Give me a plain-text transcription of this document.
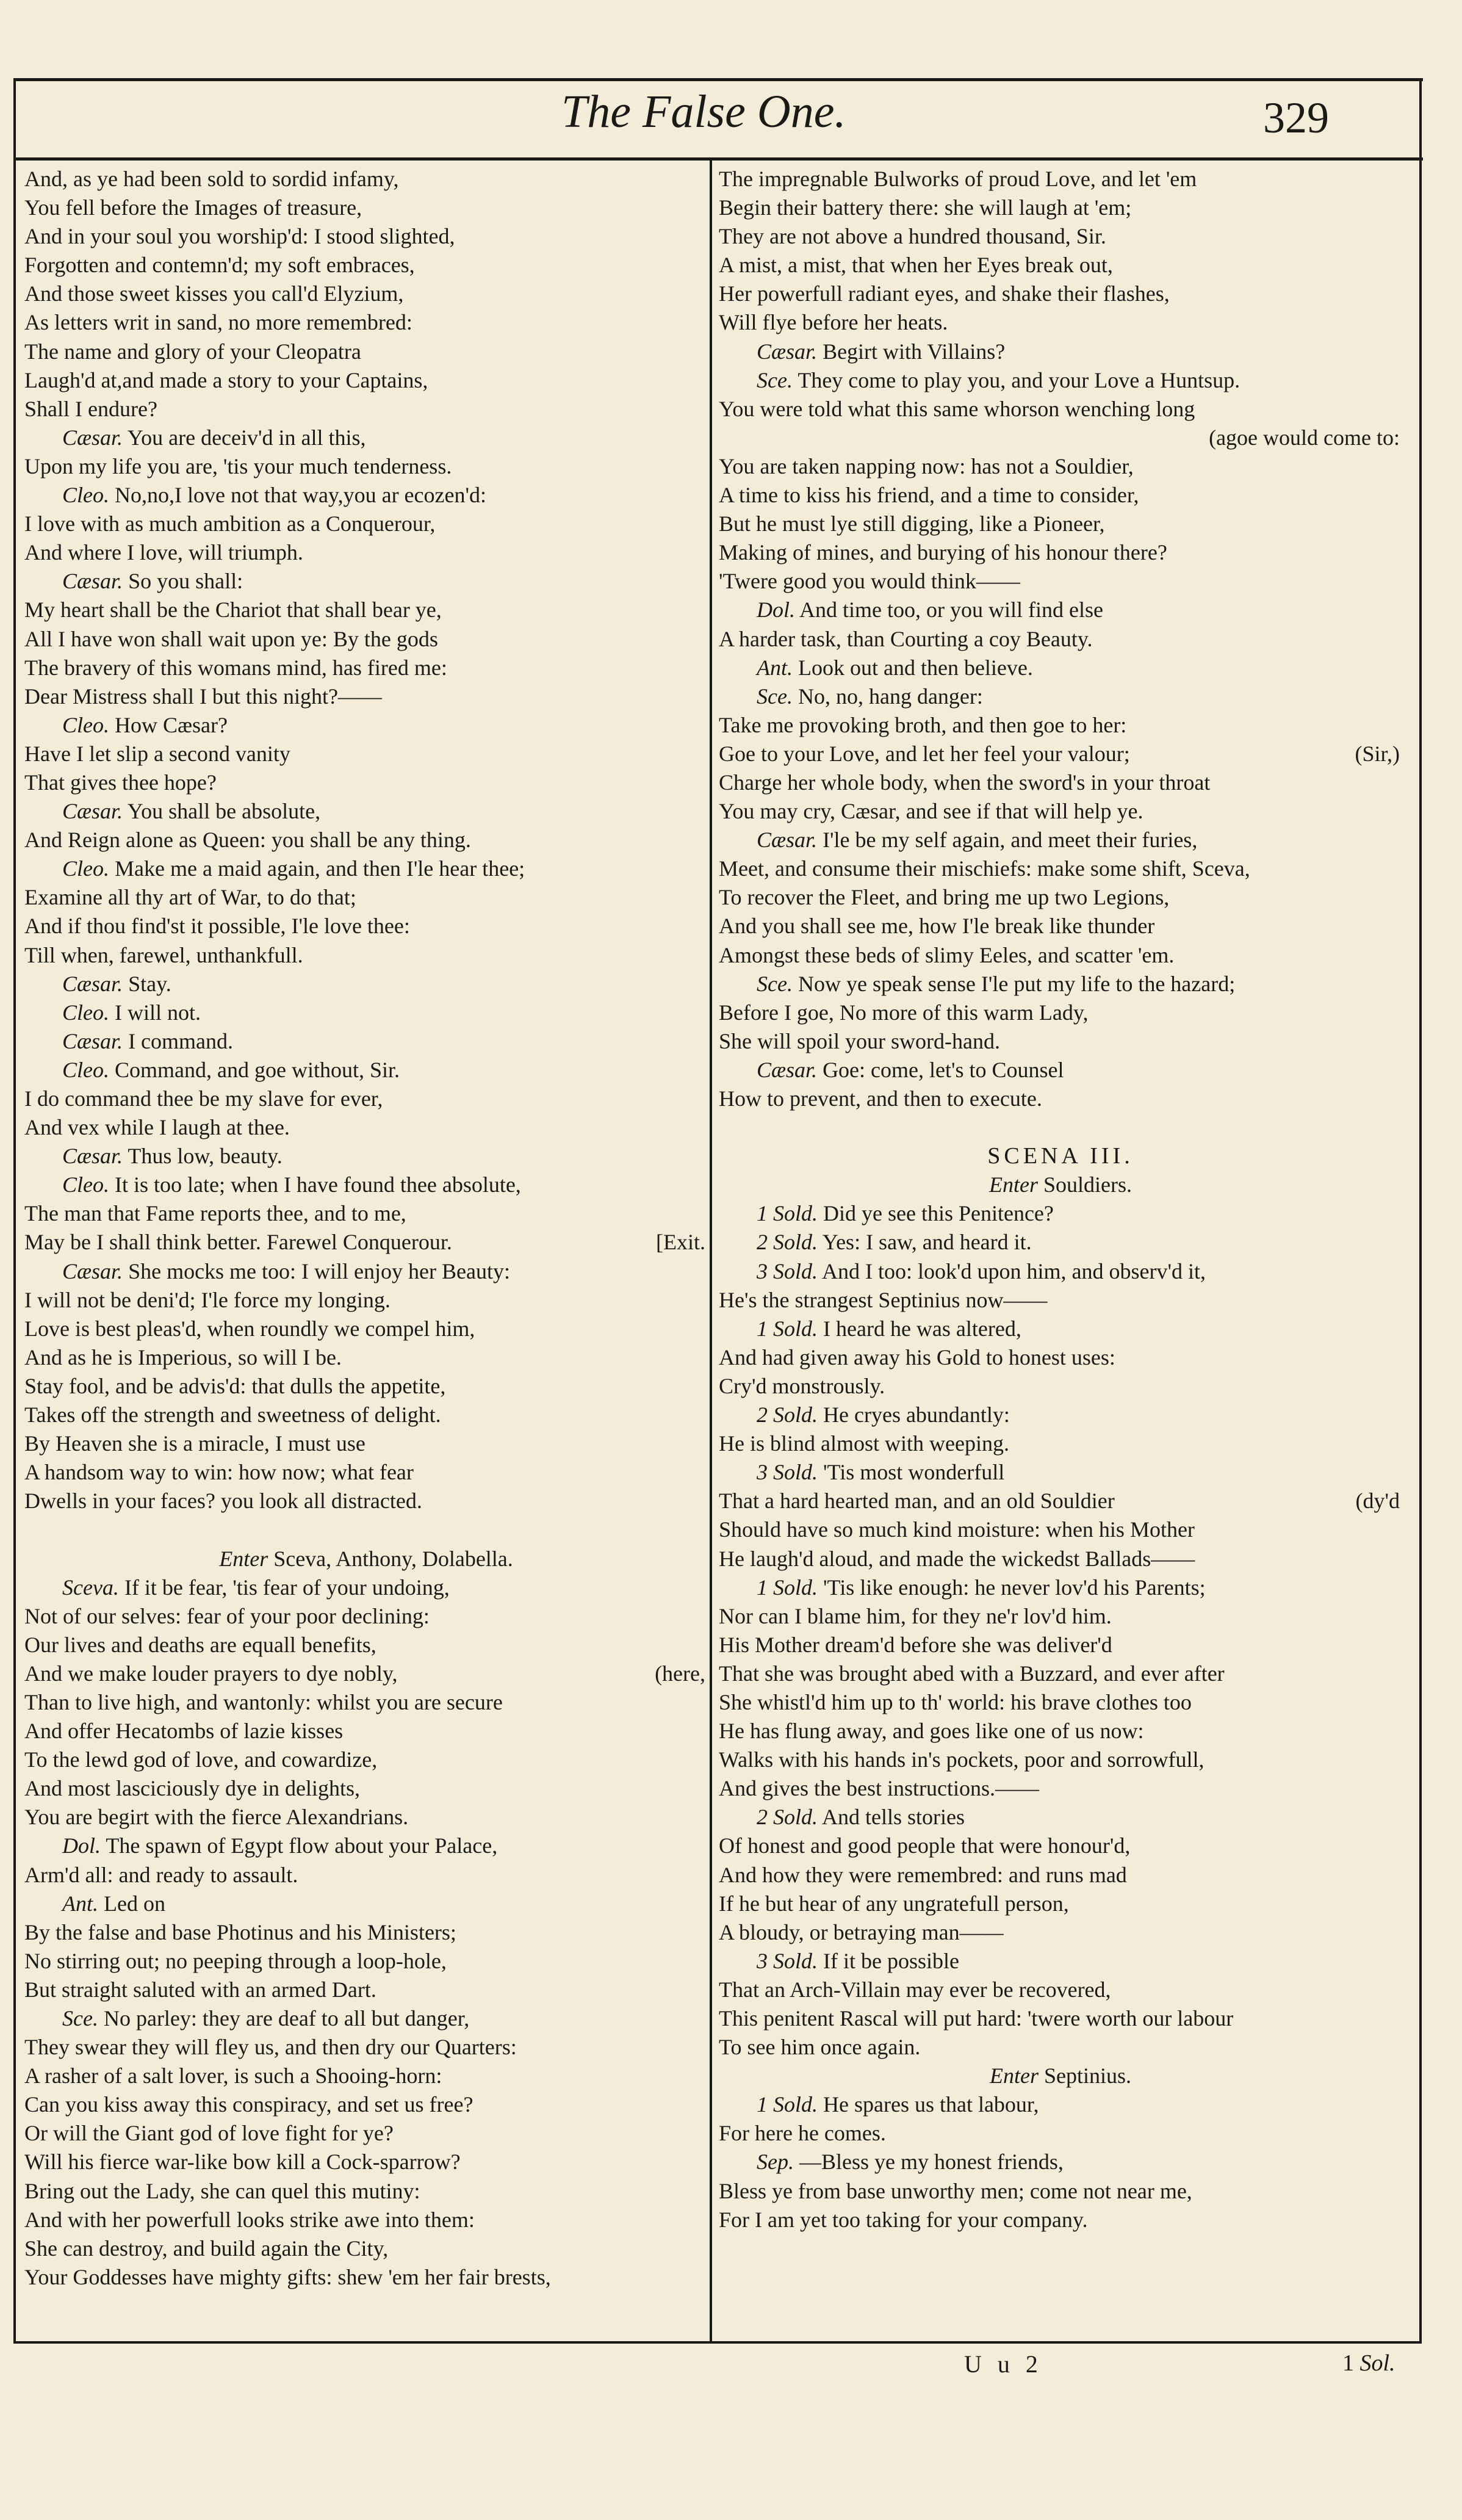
The False One.	329
And, as ye had been sold to sordid infamy,
You fell before the Images of treasure,
And in your soul you worship'd: I stood slighted,
Forgotten and contemn'd; my soft embraces,
And those sweet kisses you call'd Elyzium,
As letters writ in sand, no more remembred:
The name and glory of your Cleopatra
Laugh'd at,and made a story to your Captains,
Shall I endure?
Cæsar. You are deceiv'd in all this,
Upon my life you are, 'tis your much tenderness.
Cleo. No,no,I love not that way,you ar ecozen'd:
I love with as much ambition as a Conquerour,
And where I love, will triumph.
Cæsar. So you shall:
My heart shall be the Chariot that shall bear ye,
All I have won shall wait upon ye: By the gods
The bravery of this womans mind, has fired me:
Dear Mistress shall I but this night?——
Cleo. How Cæsar?
Have I let slip a second vanity
That gives thee hope?
Cæsar. You shall be absolute,
And Reign alone as Queen: you shall be any thing.
Cleo. Make me a maid again, and then I'le hear thee;
Examine all thy art of War, to do that;
And if thou find'st it possible, I'le love thee:
Till when, farewel, unthankfull.
Cæsar. Stay.
Cleo. I will not.
Cæsar. I command.
Cleo. Command, and goe without, Sir.
I do command thee be my slave for ever,
And vex while I laugh at thee.
Cæsar. Thus low, beauty.
Cleo. It is too late; when I have found thee absolute,
The man that Fame reports thee, and to me,
May be I shall think better. Farewel Conquerour.	[Exit.
Cæsar. She mocks me too: I will enjoy her Beauty:
I will not be deni'd; I'le force my longing.
Love is best pleas'd, when roundly we compel him,
And as he is Imperious, so will I be.
Stay fool, and be advis'd: that dulls the appetite,
Takes off the strength and sweetness of delight.
By Heaven she is a miracle, I must use
A handsom way to win: how now; what fear
Dwells in your faces? you look all distracted.
Enter Sceva, Anthony, Dolabella.
Sceva. If it be fear, 'tis fear of your undoing,
Not of our selves: fear of your poor declining:
Our lives and deaths are equall benefits,
And we make louder prayers to dye nobly,	(here,
Than to live high, and wantonly: whilst you are secure
And offer Hecatombs of lazie kisses
To the lewd god of love, and cowardize,
And most lasciciously dye in delights,
You are begirt with the fierce Alexandrians.
Dol. The spawn of Egypt flow about your Palace,
Arm'd all: and ready to assault.
Ant. Led on
By the false and base Photinus and his Ministers;
No stirring out; no peeping through a loop-hole,
But straight saluted with an armed Dart.
Sce. No parley: they are deaf to all but danger,
They swear they will fley us, and then dry our Quarters:
A rasher of a salt lover, is such a Shooing-horn:
Can you kiss away this conspiracy, and set us free?
Or will the Giant god of love fight for ye?
Will his fierce war-like bow kill a Cock-sparrow?
Bring out the Lady, she can quel this mutiny:
And with her powerfull looks strike awe into them:
She can destroy, and build again the City,
Your Goddesses have mighty gifts: shew 'em her fair brests,
The impregnable Bulworks of proud Love, and let 'em
Begin their battery there: she will laugh at 'em;
They are not above a hundred thousand, Sir.
A mist, a mist, that when her Eyes break out,
Her powerfull radiant eyes, and shake their flashes,
Will flye before her heats.
Cæsar. Begirt with Villains?
Sce. They come to play you, and your Love a Huntsup.
You were told what this same whorson wenching long
(agoe would come to:
You are taken napping now: has not a Souldier,
A time to kiss his friend, and a time to consider,
But he must lye still digging, like a Pioneer,
Making of mines, and burying of his honour there?
'Twere good you would think——
Dol. And time too, or you will find else
A harder task, than Courting a coy Beauty.
Ant. Look out and then believe.
Sce. No, no, hang danger:
Take me provoking broth, and then goe to her:
Goe to your Love, and let her feel your valour;	(Sir,)
Charge her whole body, when the sword's in your throat
You may cry, Cæsar, and see if that will help ye.
Cæsar. I'le be my self again, and meet their furies,
Meet, and consume their mischiefs: make some shift, Sceva,
To recover the Fleet, and bring me up two Legions,
And you shall see me, how I'le break like thunder
Amongst these beds of slimy Eeles, and scatter 'em.
Sce. Now ye speak sense I'le put my life to the hazard;
Before I goe, No more of this warm Lady,
She will spoil your sword-hand.
Cæsar. Goe: come, let's to Counsel
How to prevent, and then to execute.
SCENA III.
Enter Souldiers.
1 Sold. Did ye see this Penitence?
2 Sold. Yes: I saw, and heard it.
3 Sold. And I too: look'd upon him, and observ'd it,
He's the strangest Septinius now——
1 Sold. I heard he was altered,
And had given away his Gold to honest uses:
Cry'd monstrously.
2 Sold. He cryes abundantly:
He is blind almost with weeping.
3 Sold. 'Tis most wonderfull
That a hard hearted man, and an old Souldier	(dy'd
Should have so much kind moisture: when his Mother
He laugh'd aloud, and made the wickedst Ballads——
1 Sold. 'Tis like enough: he never lov'd his Parents;
Nor can I blame him, for they ne'r lov'd him.
His Mother dream'd before she was deliver'd
That she was brought abed with a Buzzard, and ever after
She whistl'd him up to th' world: his brave clothes too
He has flung away, and goes like one of us now:
Walks with his hands in's pockets, poor and sorrowfull,
And gives the best instructions.——
2 Sold. And tells stories
Of honest and good people that were honour'd,
And how they were remembred: and runs mad
If he but hear of any ungratefull person,
A bloudy, or betraying man——
3 Sold. If it be possible
That an Arch-Villain may ever be recovered,
This penitent Rascal will put hard: 'twere worth our labour
To see him once again.
Enter Septinius.
1 Sold. He spares us that labour,
For here he comes.
Sep. —Bless ye my honest friends,
Bless ye from base unworthy men; come not near me,
For I am yet too taking for your company.
U u 2	1 Sol.
